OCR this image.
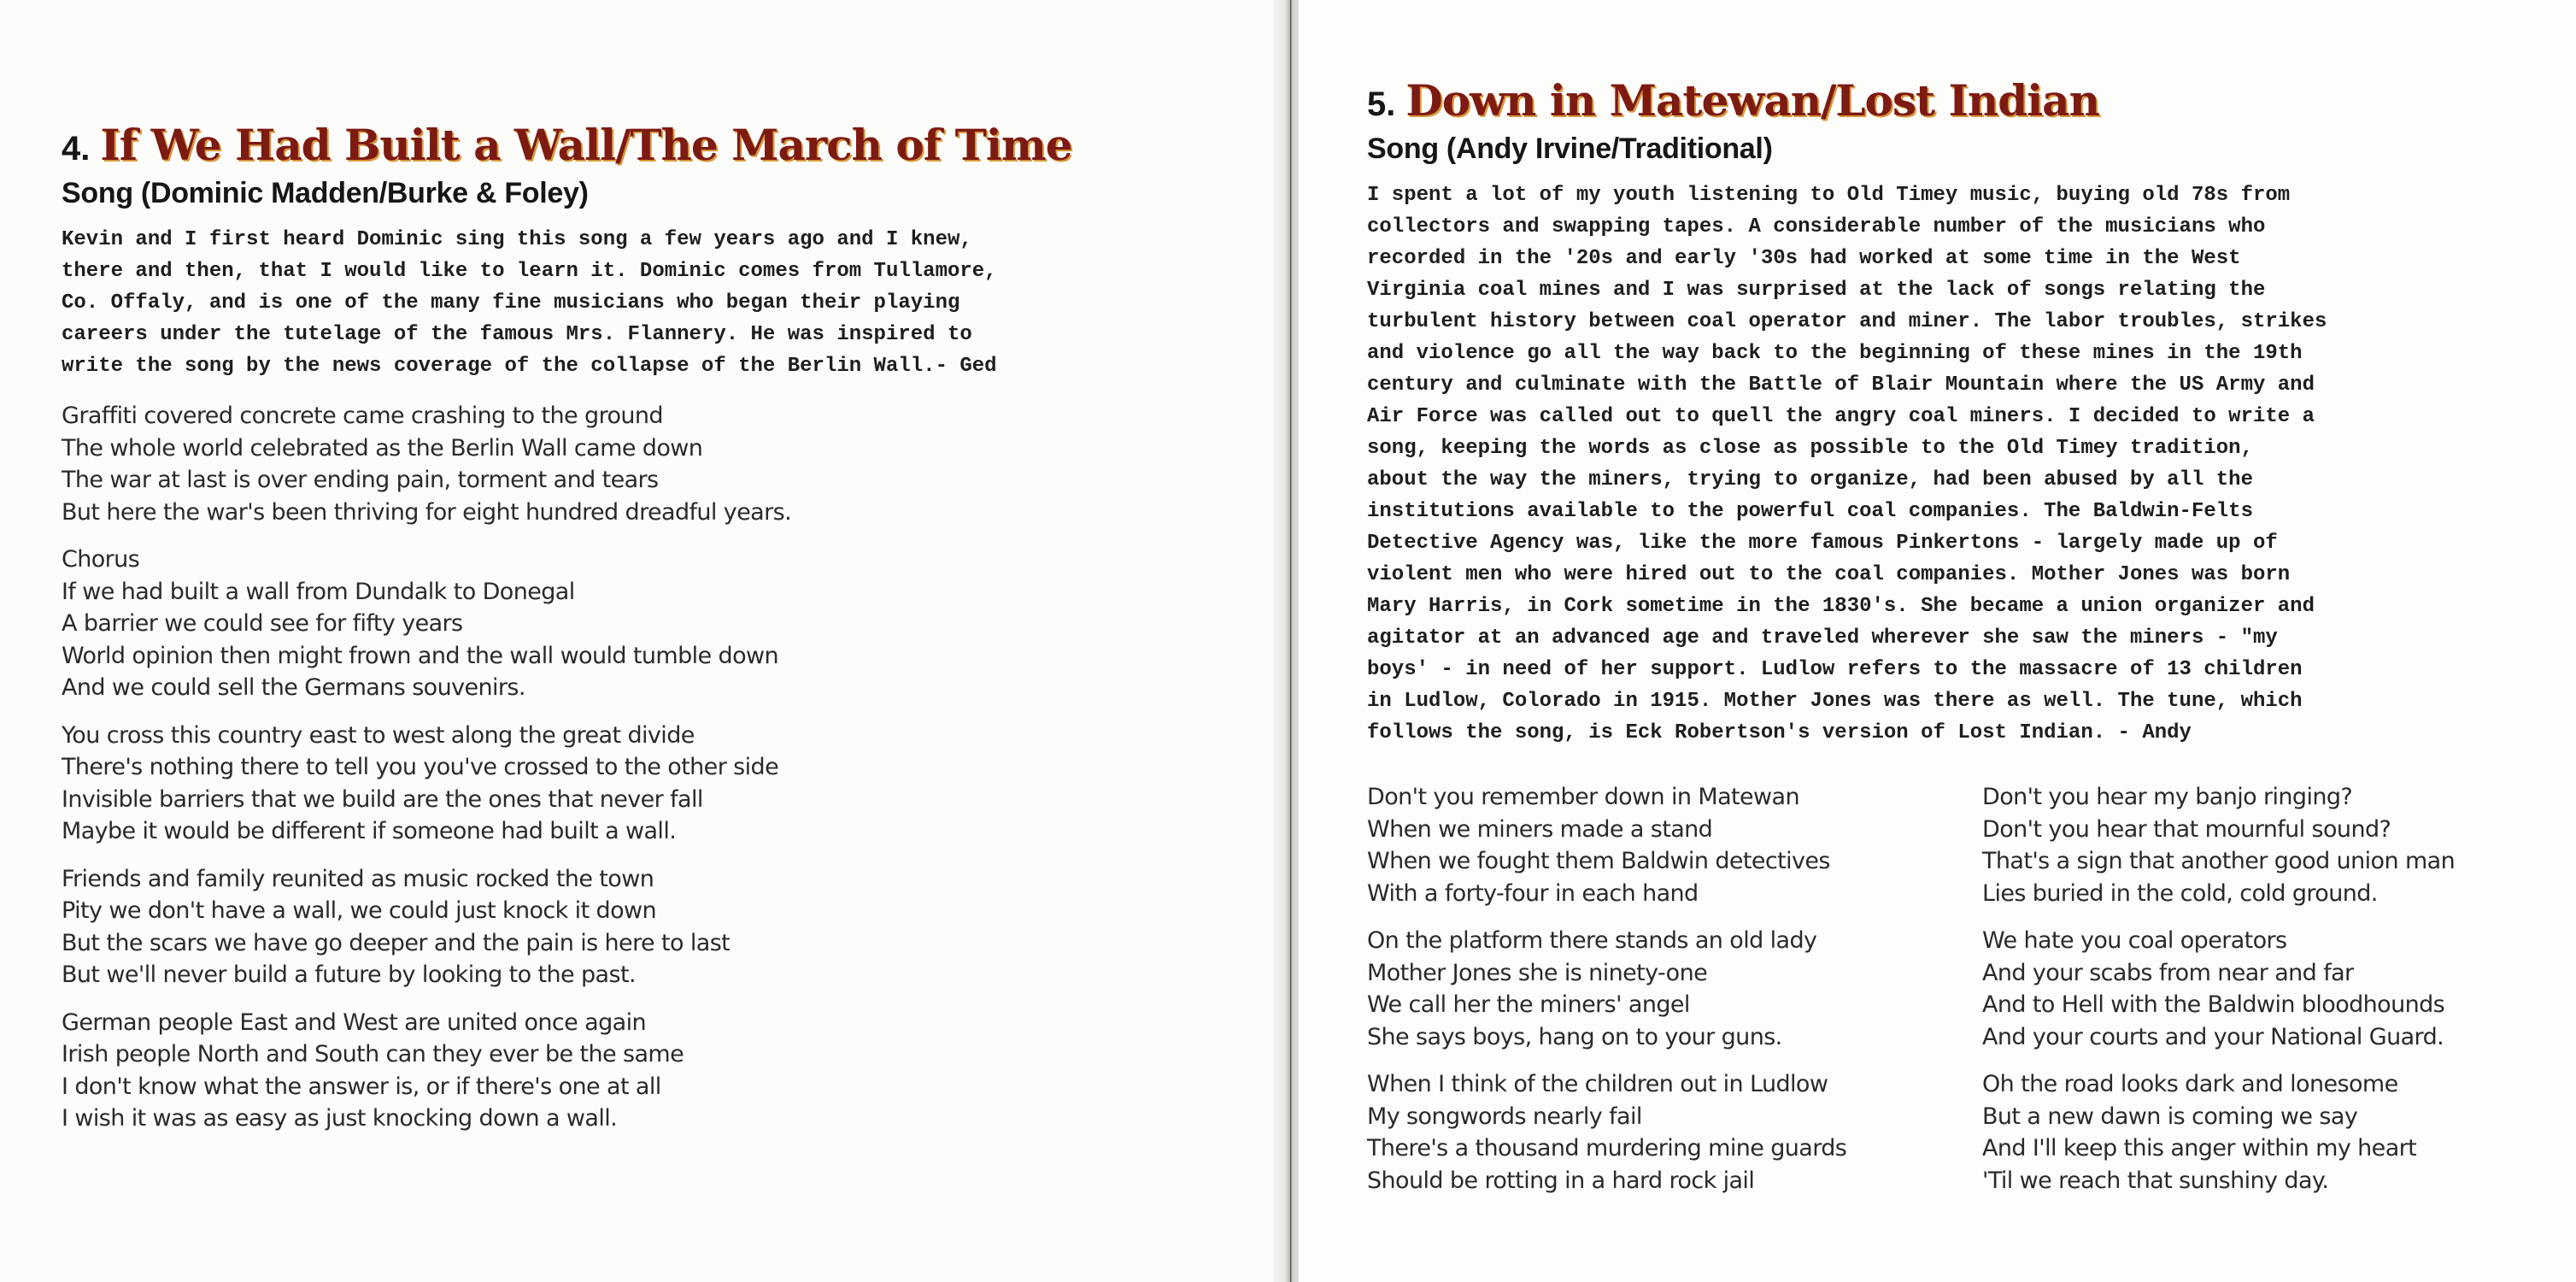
4. If We Had Built a Wall/The March of Time
Song (Dominic Madden/Burke & Foley)
Kevin and I first heard Dominic sing this song a few years ago and I knew,
there and then, that I would like to learn it. Dominic comes from Tullamore,
Co. Offaly, and is one of the many fine musicians who began their playing
careers under the tutelage of the famous Mrs. Flannery. He was inspired to
write the song by the news coverage of the collapse of the Berlin Wall.- Ged
Graffiti covered concrete came crashing to the ground
The whole world celebrated as the Berlin Wall came down
The war at last is over ending pain, torment and tears
But here the war's been thriving for eight hundred dreadful years.
Chorus
If we had built a wall from Dundalk to Donegal
A barrier we could see for fifty years
World opinion then might frown and the wall would tumble down
And we could sell the Germans souvenirs.
You cross this country east to west along the great divide
There's nothing there to tell you you've crossed to the other side
Invisible barriers that we build are the ones that never fall
Maybe it would be different if someone had built a wall.
Friends and family reunited as music rocked the town
Pity we don't have a wall, we could just knock it down
But the scars we have go deeper and the pain is here to last
But we'll never build a future by looking to the past.
German people East and West are united once again
Irish people North and South can they ever be the same
I don't know what the answer is, or if there's one at all
I wish it was as easy as just knocking down a wall.
5. Down in Matewan/Lost Indian
Song (Andy Irvine/Traditional)
I spent a lot of my youth listening to Old Timey music, buying old 78s from
collectors and swapping tapes. A considerable number of the musicians who
recorded in the '20s and early '30s had worked at some time in the West
Virginia coal mines and I was surprised at the lack of songs relating the
turbulent history between coal operator and miner. The labor troubles, strikes
and violence go all the way back to the beginning of these mines in the 19th
century and culminate with the Battle of Blair Mountain where the US Army and
Air Force was called out to quell the angry coal miners. I decided to write a
song, keeping the words as close as possible to the Old Timey tradition,
about the way the miners, trying to organize, had been abused by all the
institutions available to the powerful coal companies. The Baldwin-Felts
Detective Agency was, like the more famous Pinkertons - largely made up of
violent men who were hired out to the coal companies. Mother Jones was born
Mary Harris, in Cork sometime in the 1830's. She became a union organizer and
agitator at an advanced age and traveled wherever she saw the miners - "my
boys' - in need of her support. Ludlow refers to the massacre of 13 children
in Ludlow, Colorado in 1915. Mother Jones was there as well. The tune, which
follows the song, is Eck Robertson's version of Lost Indian. - Andy
Don't you remember down in Matewan
When we miners made a stand
When we fought them Baldwin detectives
With a forty-four in each hand
On the platform there stands an old lady
Mother Jones she is ninety-one
We call her the miners' angel
She says boys, hang on to your guns.
When I think of the children out in Ludlow
My songwords nearly fail
There's a thousand murdering mine guards
Should be rotting in a hard rock jail
Don't you hear my banjo ringing?
Don't you hear that mournful sound?
That's a sign that another good union man
Lies buried in the cold, cold ground.
We hate you coal operators
And your scabs from near and far
And to Hell with the Baldwin bloodhounds
And your courts and your National Guard.
Oh the road looks dark and lonesome
But a new dawn is coming we say
And I'll keep this anger within my heart
'Til we reach that sunshiny day.
